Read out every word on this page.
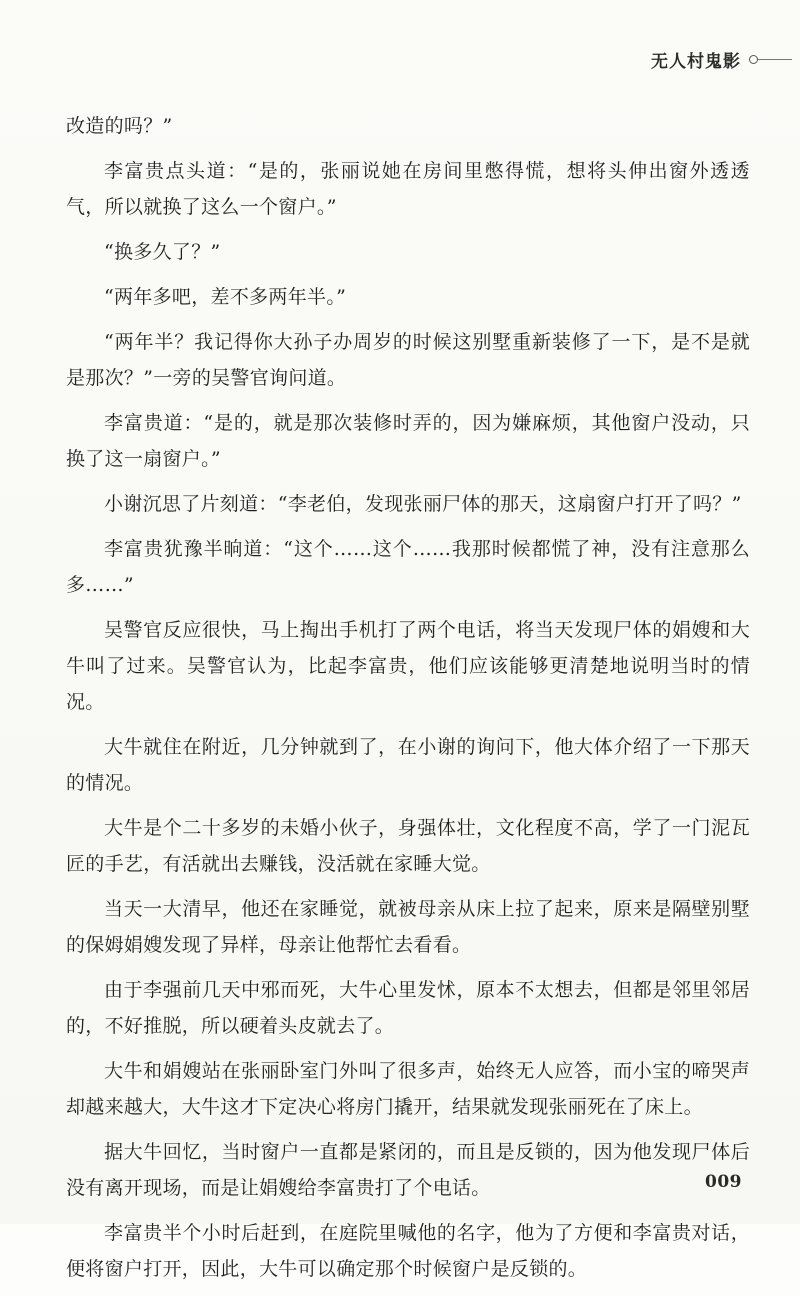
无人村鬼影

改造的吗？”

李富贵点头道：“是的，张丽说她在房间里憋得慌，想将头伸出窗外透透气，所以就换了这么一个窗户。”

“换多久了？”

“两年多吧，差不多两年半。”

“两年半？我记得你大孙子办周岁的时候这别墅重新装修了一下，是不是就是那次？”一旁的吴警官询问道。

李富贵道：“是的，就是那次装修时弄的，因为嫌麻烦，其他窗户没动，只换了这一扇窗户。”

小谢沉思了片刻道：“李老伯，发现张丽尸体的那天，这扇窗户打开了吗？”

李富贵犹豫半晌道：“这个……这个……我那时候都慌了神，没有注意那么多……”

吴警官反应很快，马上掏出手机打了两个电话，将当天发现尸体的娟嫂和大牛叫了过来。吴警官认为，比起李富贵，他们应该能够更清楚地说明当时的情况。

大牛就住在附近，几分钟就到了，在小谢的询问下，他大体介绍了一下那天的情况。

大牛是个二十多岁的未婚小伙子，身强体壮，文化程度不高，学了一门泥瓦匠的手艺，有活就出去赚钱，没活就在家睡大觉。

当天一大清早，他还在家睡觉，就被母亲从床上拉了起来，原来是隔壁别墅的保姆娟嫂发现了异样，母亲让他帮忙去看看。

由于李强前几天中邪而死，大牛心里发怵，原本不太想去，但都是邻里邻居的，不好推脱，所以硬着头皮就去了。

大牛和娟嫂站在张丽卧室门外叫了很多声，始终无人应答，而小宝的啼哭声却越来越大，大牛这才下定决心将房门撬开，结果就发现张丽死在了床上。

据大牛回忆，当时窗户一直都是紧闭的，而且是反锁的，因为他发现尸体后没有离开现场，而是让娟嫂给李富贵打了个电话。

李富贵半个小时后赶到，在庭院里喊他的名字，他为了方便和李富贵对话，便将窗户打开，因此，大牛可以确定那个时候窗户是反锁的。

009
